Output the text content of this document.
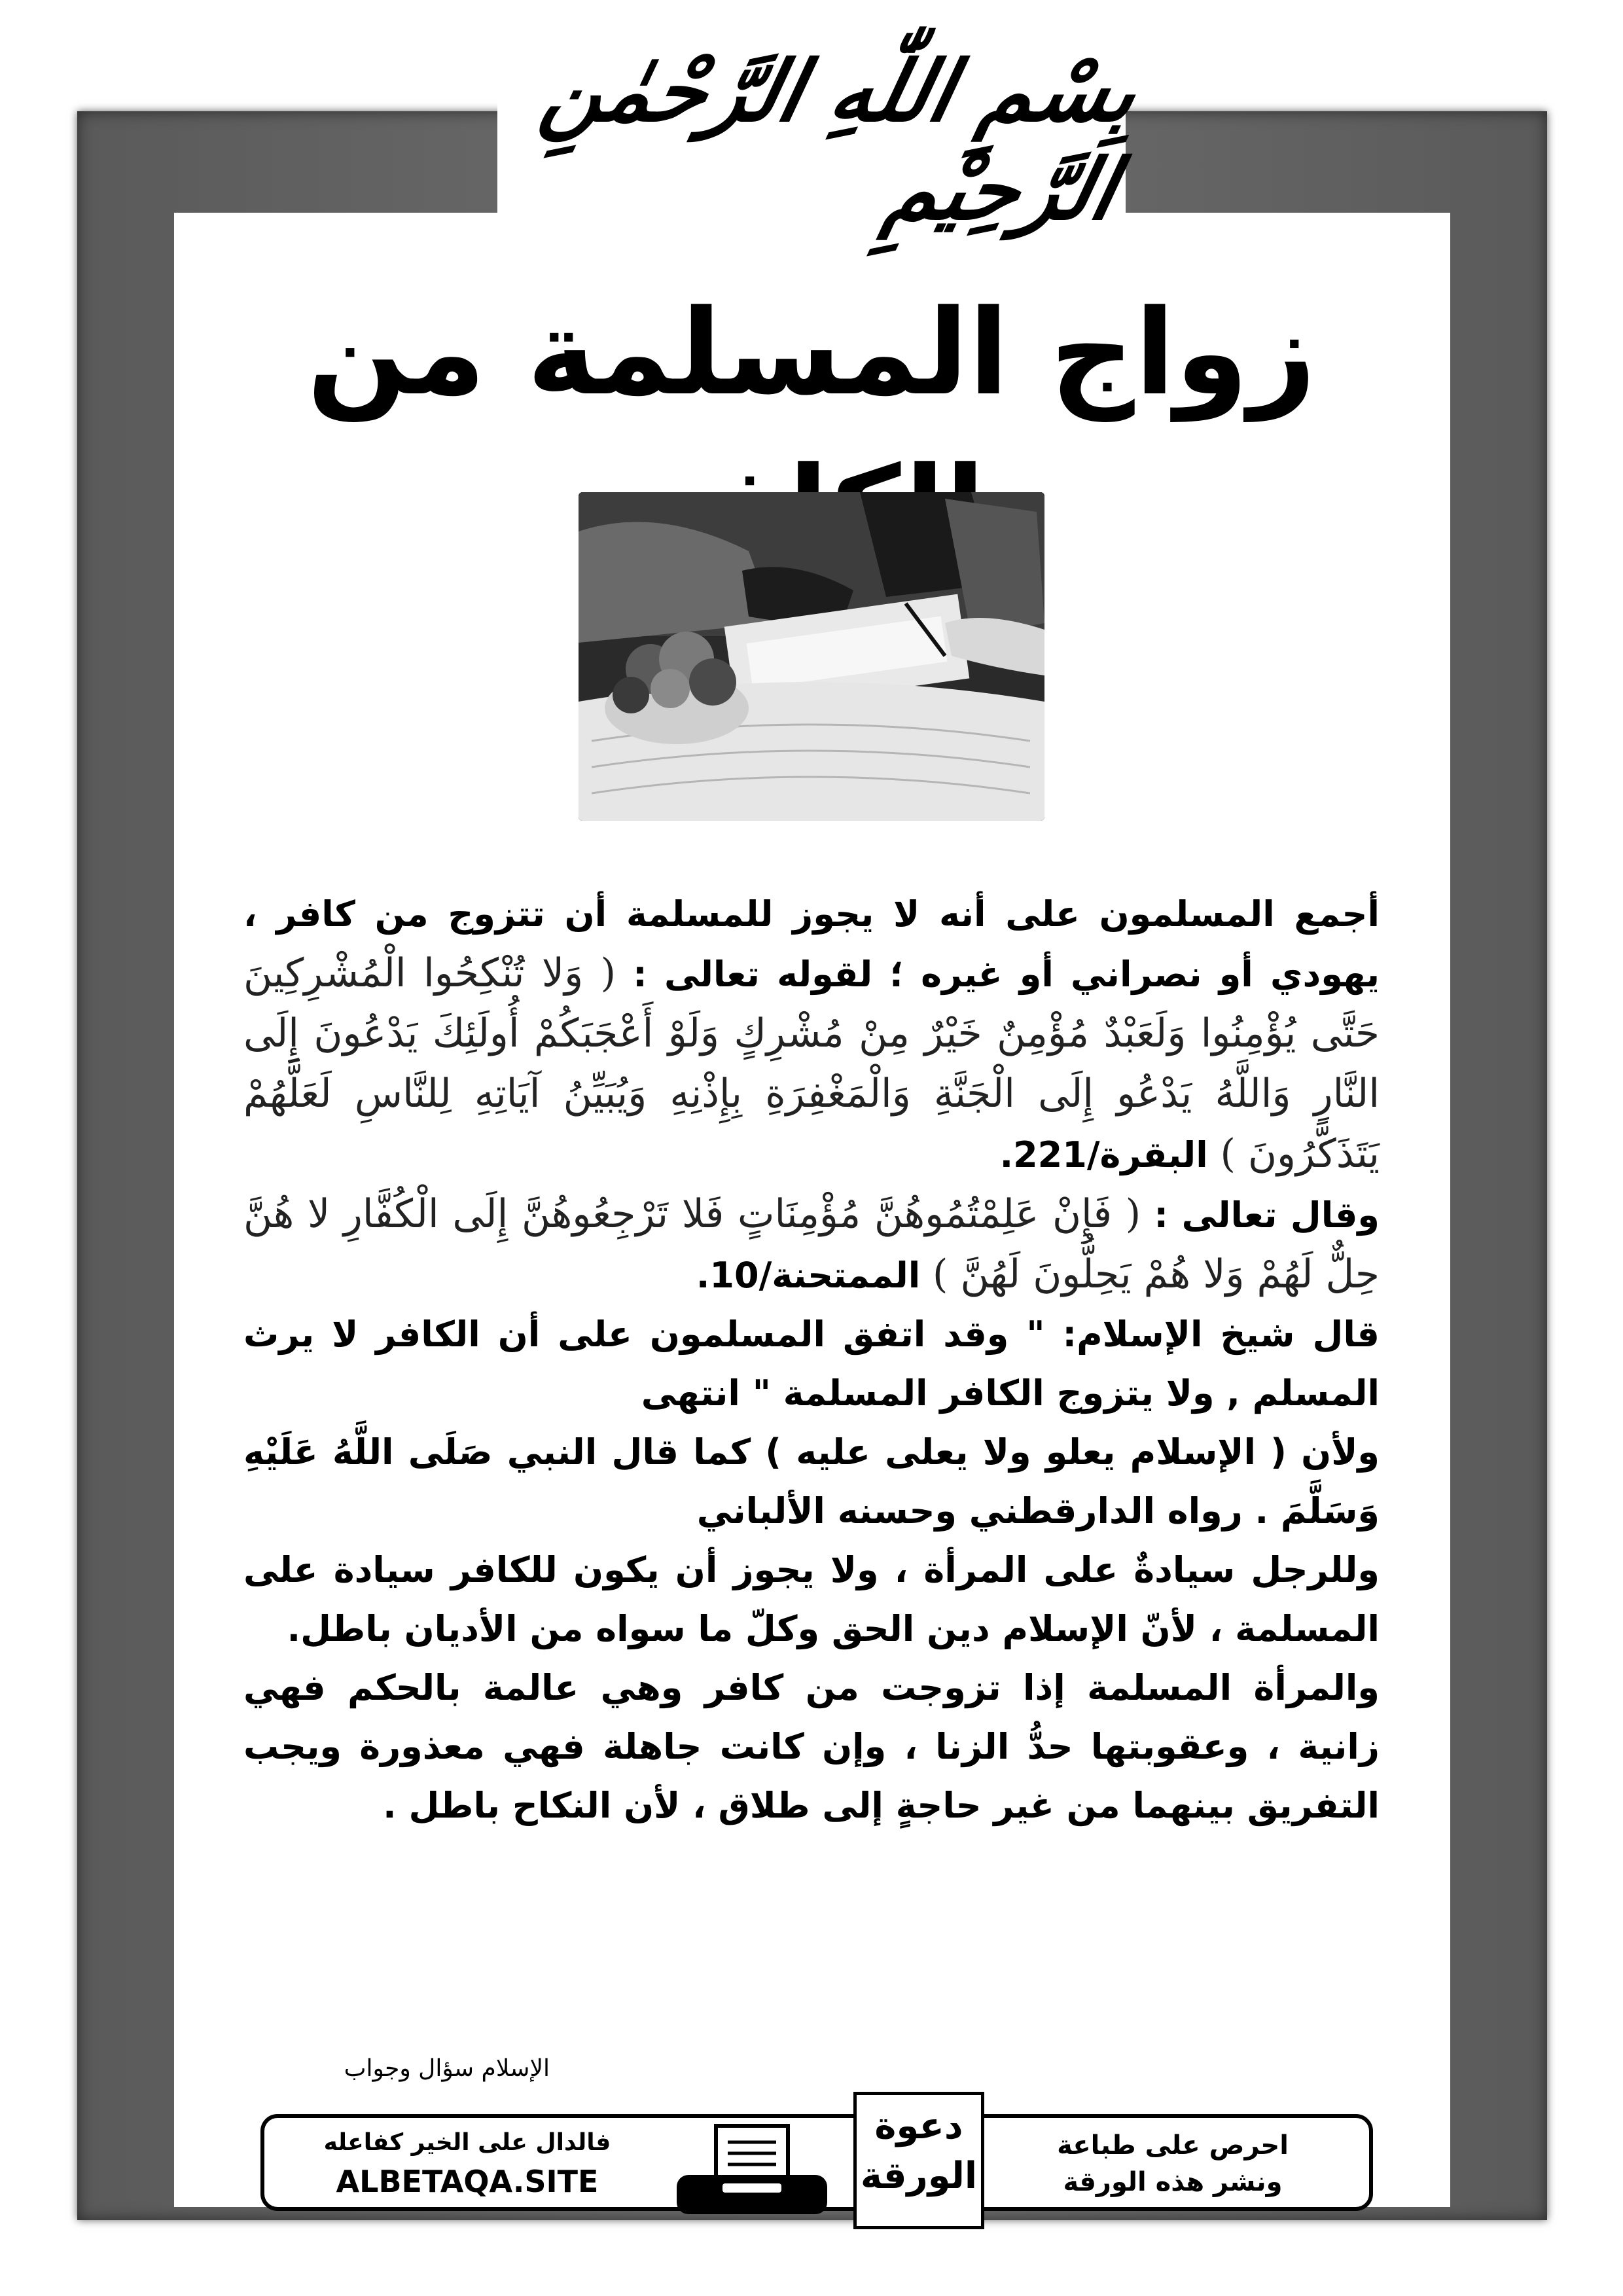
بِسْمِ اللّٰهِ الرَّحْمٰنِ الرَّحِيْمِ
زواج المسلمة من

أجمع المسلمون على أنه لا يجوز للمسلمة أن تتزوج من كافر ، يهودي أو نصراني أو غيره ؛ لقوله تعالى : ( وَلا تُنْكِحُوا الْمُشْرِكِينَ حَتَّى يُؤْمِنُوا وَلَعَبْدٌ مُؤْمِنٌ خَيْرٌ مِنْ مُشْرِكٍ وَلَوْ أَعْجَبَكُمْ أُولَئِكَ يَدْعُونَ إِلَى النَّارِ وَاللَّهُ يَدْعُو إِلَى الْجَنَّةِ وَالْمَغْفِرَةِ بِإِذْنِهِ وَيُبَيِّنُ آيَاتِهِ لِلنَّاسِ لَعَلَّهُمْ يَتَذَكَّرُونَ ) البقرة/221.

وقال تعالى : ( فَإِنْ عَلِمْتُمُوهُنَّ مُؤْمِنَاتٍ فَلا تَرْجِعُوهُنَّ إِلَى الْكُفَّارِ لا هُنَّ حِلٌّ لَهُمْ وَلا هُمْ يَحِلُّونَ لَهُنَّ ) الممتحنة/10.

قال شيخ الإسلام: " وقد اتفق المسلمون على أن الكافر لا يرث المسلم , ولا يتزوج الكافر المسلمة " انتهى

ولأن ( الإسلام يعلو ولا يعلى عليه ) كما قال النبي صَلَى اللَّهُ عَلَيْهِ وَسَلَّمَ . رواه الدارقطني وحسنه الألباني

وللرجل سيادةٌ على المرأة ، ولا يجوز أن يكون للكافر سيادة على المسلمة ، لأنّ الإسلام دين الحق وكلّ ما سواه من الأديان باطل.

والمرأة المسلمة إذا تزوجت من كافر وهي عالمة بالحكم فهي زانية ، وعقوبتها حدُّ الزنا ، وإن كانت جاهلة فهي معذورة ويجب التفريق بينهما من غير حاجةٍ إلى طلاق ، لأن النكاح باطل .

الإسلام سؤال وجواب
فالدال على الخير كفاعله
ALBETAQA.SITE
دعوة
الورقة
احرص على طباعة
ونشر هذه الورقة
